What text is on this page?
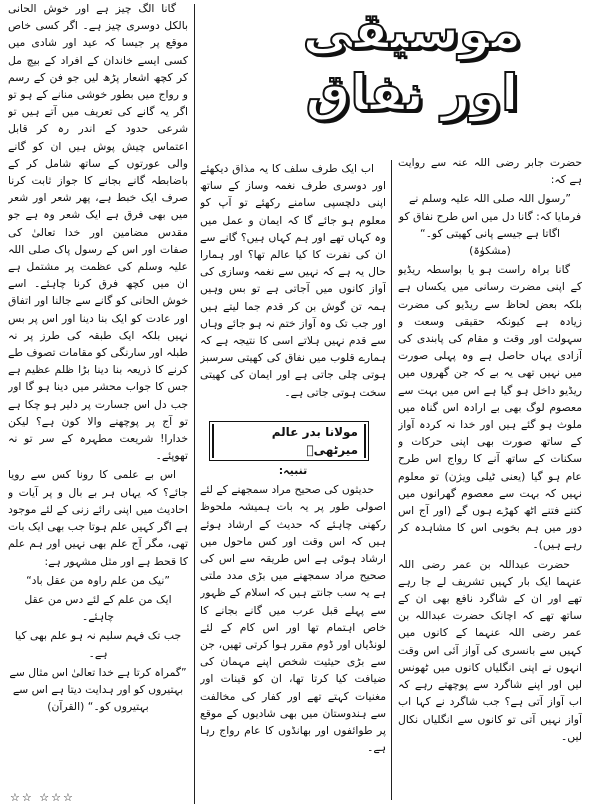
موسیقی
اور نفاق

حضرت جابر رضی اللہ عنہ سے روایت ہے کہ:

”رسول اللہ صلی اللہ علیہ وسلم نے فرمایا کہ: گانا دل میں اس طرح نفاق کو اگاتا ہے جیسے پانی کھیتی کو۔“ (مشکوٰۃ)

گانا براہ راست ہو یا بواسطہ ریڈیو کے اپنی مضرت رسانی میں یکساں ہے بلکہ بعض لحاظ سے ریڈیو کی مضرت زیادہ ہے کیونکہ حقیقی وسعت و سہولت اور وقت و مقام کی پابندی کی آزادی یہاں حاصل ہے وہ پہلی صورت میں نہیں تھی یہ بے کہ جن گھروں میں ریڈیو داخل ہو گیا ہے اس میں بہت سے معصوم لوگ بھی بے ارادہ اس گناہ میں ملوث ہو گئے ہیں اور خدا نہ کردہ آواز کے ساتھ صورت بھی اپنی حرکات و سکنات کے ساتھ آنے کا رواج اس طرح عام ہو گیا (یعنی ٹیلی ویژن) تو معلوم نہیں کہ بہت سے معصوم گھرانوں میں کتنے فتنے اٹھ کھڑے ہوں گے (اور آج اس دور میں ہم بخوبی اس کا مشاہدہ کر رہے ہیں)۔

حضرت عبداللہ بن عمر رضی اللہ عنہما ایک بار کہیں تشریف لے جا رہے تھے اور ان کے شاگرد نافع بھی ان کے ساتھ تھے کہ اچانک حضرت عبداللہ بن عمر رضی اللہ عنہما کے کانوں میں کہیں سے بانسری کی آواز آئی اس وقت انہوں نے اپنی انگلیاں کانوں میں ٹھونس لیں اور اپنے شاگرد سے پوچھتے رہے کہ اب آواز آتی ہے؟ جب شاگرد نے کہا اب آواز نہیں آتی تو کانوں سے انگلیاں نکال لیں۔

اب ایک طرف سلف کا یہ مذاق دیکھئے اور دوسری طرف نغمہ وساز کے ساتھ اپنی دلچسپی سامنے رکھئے تو آپ کو معلوم ہو جائے گا کہ ایمان و عمل میں وہ کہاں تھے اور ہم کہاں ہیں؟ گانے سے ان کی نفرت کا کیا عالم تھا؟ اور ہمارا حال یہ ہے کہ نہیں سے نغمہ وسازی کی آواز کانوں میں آجاتی ہے تو بس وہیں ہمہ تن گوش بن کر قدم جما لیتے ہیں اور جب تک وہ آواز ختم نہ ہو جائے وہاں سے قدم نہیں ہلاتے اسی کا نتیجہ ہے کہ ہمارے قلوب میں نفاق کی کھیتی سرسبز ہوتی چلی جاتی ہے اور ایمان کی کھیتی سخت ہوتی جاتی ہے۔

مولانا بدر عالم میرٹھیؒ

تنبیہ:

حدیثوں کی صحیح مراد سمجھنے کے لئے اصولی طور پر یہ بات ہمیشہ ملحوظ رکھنی چاہئے کہ حدیث کے ارشاد ہوئے ہیں کہ اس وقت اور کس ماحول میں ارشاد ہوئی ہے اس طریقہ سے اس کی صحیح مراد سمجھنے میں بڑی مدد ملتی ہے یہ سب جانتے ہیں کہ اسلام کے ظہور سے پہلے قبل عرب میں گانے بجانے کا خاص اہتمام تھا اور اس کام کے لئے لونڈیاں اور ڈوم مقرر ہوا کرتی تھیں، جن سے بڑی حیثیت شخص اپنے مہمان کی ضیافت کیا کرتا تھا، ان کو قینات اور مغنیات کہتے تھے اور کفار کی مخالفت سے ہندوستان میں بھی شادیوں کے موقع پر طوائفوں اور بھانڈوں کا عام رواج رہا ہے۔

گانا الگ چیز ہے اور خوش الحانی بالکل دوسری چیز ہے۔ اگر کسی خاص موقع پر جیسا کہ عید اور شادی میں کسی ایسے خاندان کے افراد کے بیچ مل کر کچھ اشعار پڑھ لیں جو فن کے رسم و رواج میں بطور خوشی منانے کے ہو تو اگر یہ گانے کی تعریف میں آتے ہیں تو شرعی حدود کے اندر رہ کر قابل اعتماس چیش پوش ہیں ان کو گانے والی عورتوں کے ساتھ شامل کر کے باضابطہ گانے بجانے کا جواز ثابت کرنا صرف ایک خبط ہے، پھر شعر اور شعر میں بھی فرق ہے ایک شعر وہ ہے جو مقدس مضامین اور خدا تعالیٰ کی صفات اور اس کے رسول پاک صلی اللہ علیہ وسلم کی عظمت پر مشتمل ہے ان میں کچھ فرق کرنا چاہئے۔ اسے خوش الحانی کو گانے سے جالنا اور اتفاق اور عادت کو ایک بنا دینا اور اس پر بس نہیں بلکہ ایک طبقہ کی طرز پر نہ طبلہ اور سارنگی کو مقامات تصوف طے کرنے کا ذریعہ بنا دینا بڑا ظلم عظیم ہے جس کا جواب محشر میں دینا ہو گا اور جب دل اس جسارت پر دلیر ہو چکا ہے تو آج پر پوچھنے والا کون ہے؟ لیکن خدارا! شریعت مطہرہ کے سر تو نہ تھوپئے۔

اس بے علمی کا رونا کس سے رویا جائے؟ کہ یہاں ہر بے بال و پر آیات و احادیث میں اپنی رائے زنی کے لئے موجود ہے اگر کہیں علم ہوتا جب بھی ایک بات تھی، مگر آج علم بھی نہیں اور ہم علم کا قحط ہے اور مثل مشہور ہے:

”نیک من علم راوہ من عقل باد“

ایک من علم کے لئے دس من عقل چاہئے۔

جب تک فہم سلیم نہ ہو علم بھی کیا ہے۔

”گمراہ کرتا ہے خدا تعالیٰ اس مثال سے بہتیروں کو اور ہدایت دیتا ہے اس سے بہتیروں کو۔“ (القرآن)

☆☆ ☆☆☆
